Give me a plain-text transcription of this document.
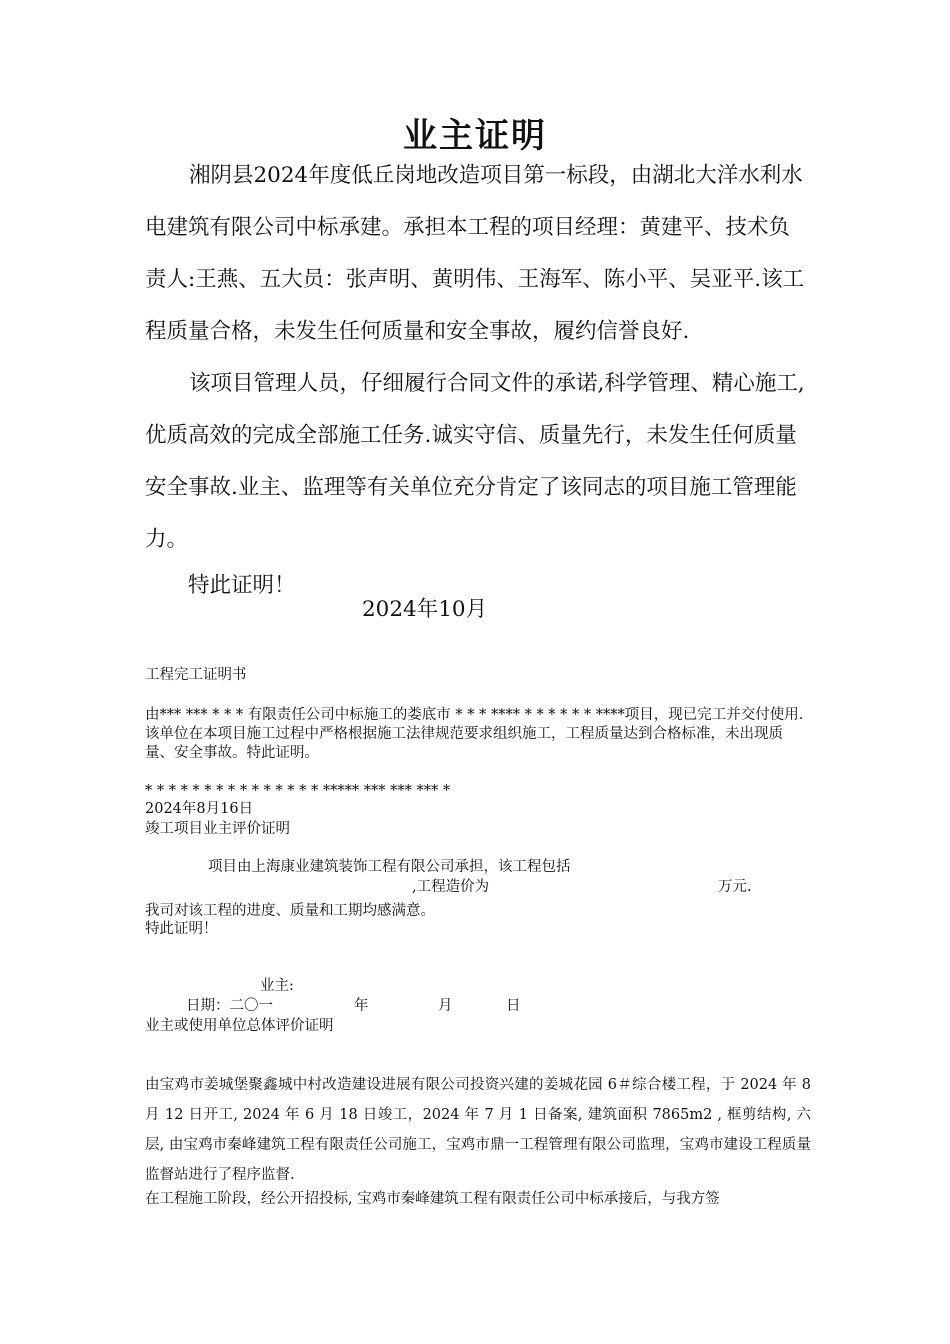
业主证明
湘阴县2024年度低丘岗地改造项目第一标段，由湖北大洋水利水电建筑有限公司中标承建。承担本工程的项目经理：黄建平、技术负责人:王燕、五大员：张声明、黄明伟、王海军、陈小平、吴亚平.该工程质量合格，未发生任何质量和安全事故，履约信誉良好.
该项目管理人员，仔细履行合同文件的承诺,科学管理、精心施工,优质高效的完成全部施工任务.诚实守信、质量先行，未发生任何质量安全事故.业主、监理等有关单位充分肯定了该同志的项目施工管理能力。
特此证明！
2024年10月
工程完工证明书
由*** *** * * * 有限责任公司中标施工的娄底市 * * * **** * * * * * * ****项目，现已完工并交付使用.该单位在本项目施工过程中严格根据施工法律规范要求组织施工，工程质量达到合格标准，未出现质量、安全事故。特此证明。
* * * * * * * * * * * * * * * ***** *** *** *** *
2024年8月16日
竣工项目业主评价证明
项目由上海康业建筑装饰工程有限公司承担，该工程包括
,工程造价为	万元.
我司对该工程的进度、质量和工期均感满意。
特此证明！
业主:
日期：二〇一	年	月	日
业主或使用单位总体评价证明
由宝鸡市姜城堡聚鑫城中村改造建设进展有限公司投资兴建的姜城花园 6＃综合楼工程，于 2024 年 8 月 12 日开工, 2024 年 6 月 18 日竣工，2024 年 7 月 1 日备案, 建筑面积 7865m2 , 框剪结构, 六层, 由宝鸡市秦峰建筑工程有限责任公司施工，宝鸡市鼎一工程管理有限公司监理，宝鸡市建设工程质量监督站进行了程序监督.
在工程施工阶段，经公开招投标, 宝鸡市秦峰建筑工程有限责任公司中标承接后，与我方签
